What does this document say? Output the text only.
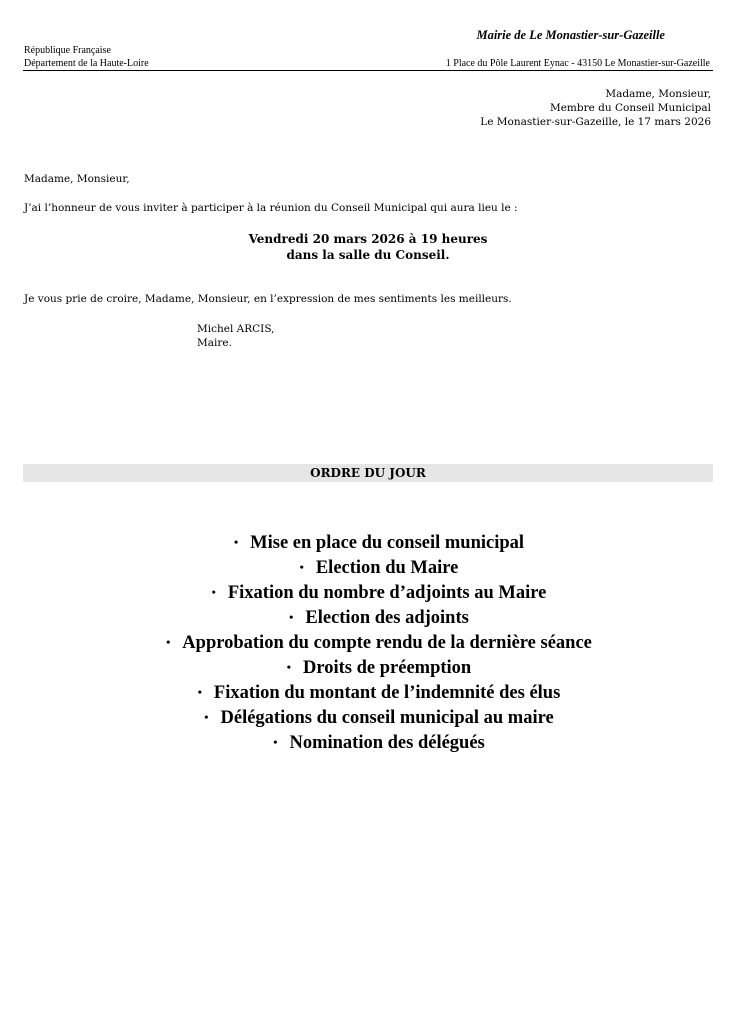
Mairie de Le Monastier-sur-Gazeille
République Française
Département de la Haute-Loire	1 Place du Pôle Laurent Eynac - 43150 Le Monastier-sur-Gazeille
Madame, Monsieur,
Membre du Conseil Municipal
Le Monastier-sur-Gazeille, le 17 mars 2026
Madame, Monsieur,
J’ai l’honneur de vous inviter à participer à la réunion du Conseil Municipal qui aura lieu le :
Vendredi 20 mars 2026 à 19 heures
dans la salle du Conseil.
Je vous prie de croire, Madame, Monsieur, en l’expression de mes sentiments les meilleurs.
Michel ARCIS,
Maire.
ORDRE DU JOUR
• Mise en place du conseil municipal
• Election du Maire
• Fixation du nombre d’adjoints au Maire
• Election des adjoints
• Approbation du compte rendu de la dernière séance
• Droits de préemption
• Fixation du montant de l’indemnité des élus
• Délégations du conseil municipal au maire
• Nomination des délégués
